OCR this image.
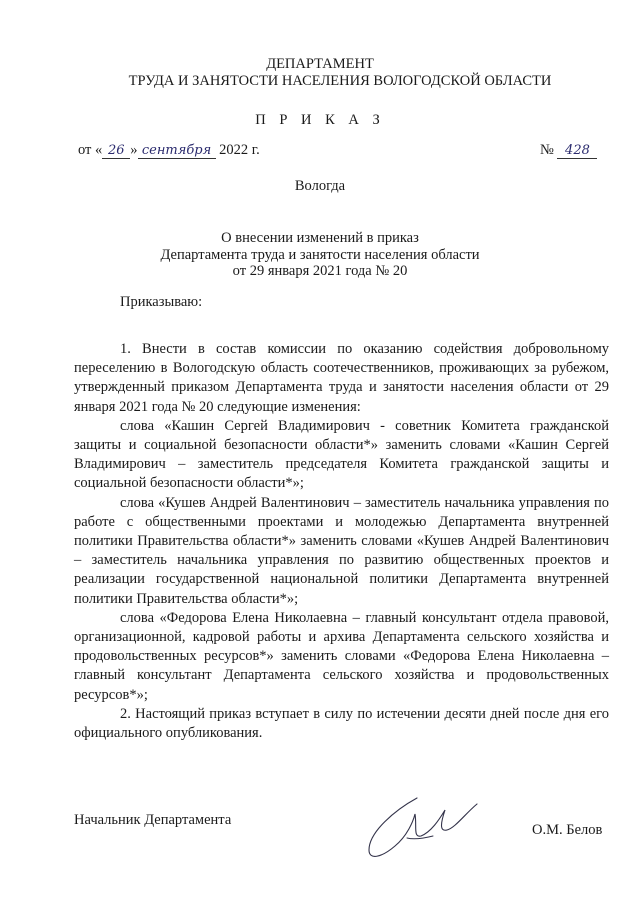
ДЕПАРТАМЕНТ
ТРУДА И ЗАНЯТОСТИ НАСЕЛЕНИЯ ВОЛОГОДСКОЙ ОБЛАСТИ
П Р И К А З
от « 26 » сентября 2022 г.	№ 428
Вологда
О внесении изменений в приказ
Департамента труда и занятости населения области
от 29 января 2021 года № 20
Приказываю:

1. Внести в состав комиссии по оказанию содействия добровольному переселению в Вологодскую область соотечественников, проживающих за рубежом, утвержденный приказом Департамента труда и занятости населения области от 29 января 2021 года № 20 следующие изменения:

слова «Кашин Сергей Владимирович - советник Комитета гражданской защиты и социальной безопасности области*» заменить словами «Кашин Сергей Владимирович – заместитель председателя Комитета гражданской защиты и социальной безопасности области*»;

слова «Кушев Андрей Валентинович – заместитель начальника управления по работе с общественными проектами и молодежью Департамента внутренней политики Правительства области*» заменить словами «Кушев Андрей Валентинович – заместитель начальника управления по развитию общественных проектов и реализации государственной национальной политики Департамента внутренней политики Правительства области*»;

слова «Федорова Елена Николаевна – главный консультант отдела правовой, организационной, кадровой работы и архива Департамента сельского хозяйства и продовольственных ресурсов*» заменить словами «Федорова Елена Николаевна – главный консультант Департамента сельского хозяйства и продовольственных ресурсов*»;

2. Настоящий приказ вступает в силу по истечении десяти дней после дня его официального опубликования.

Начальник Департамента
О.М. Белов
